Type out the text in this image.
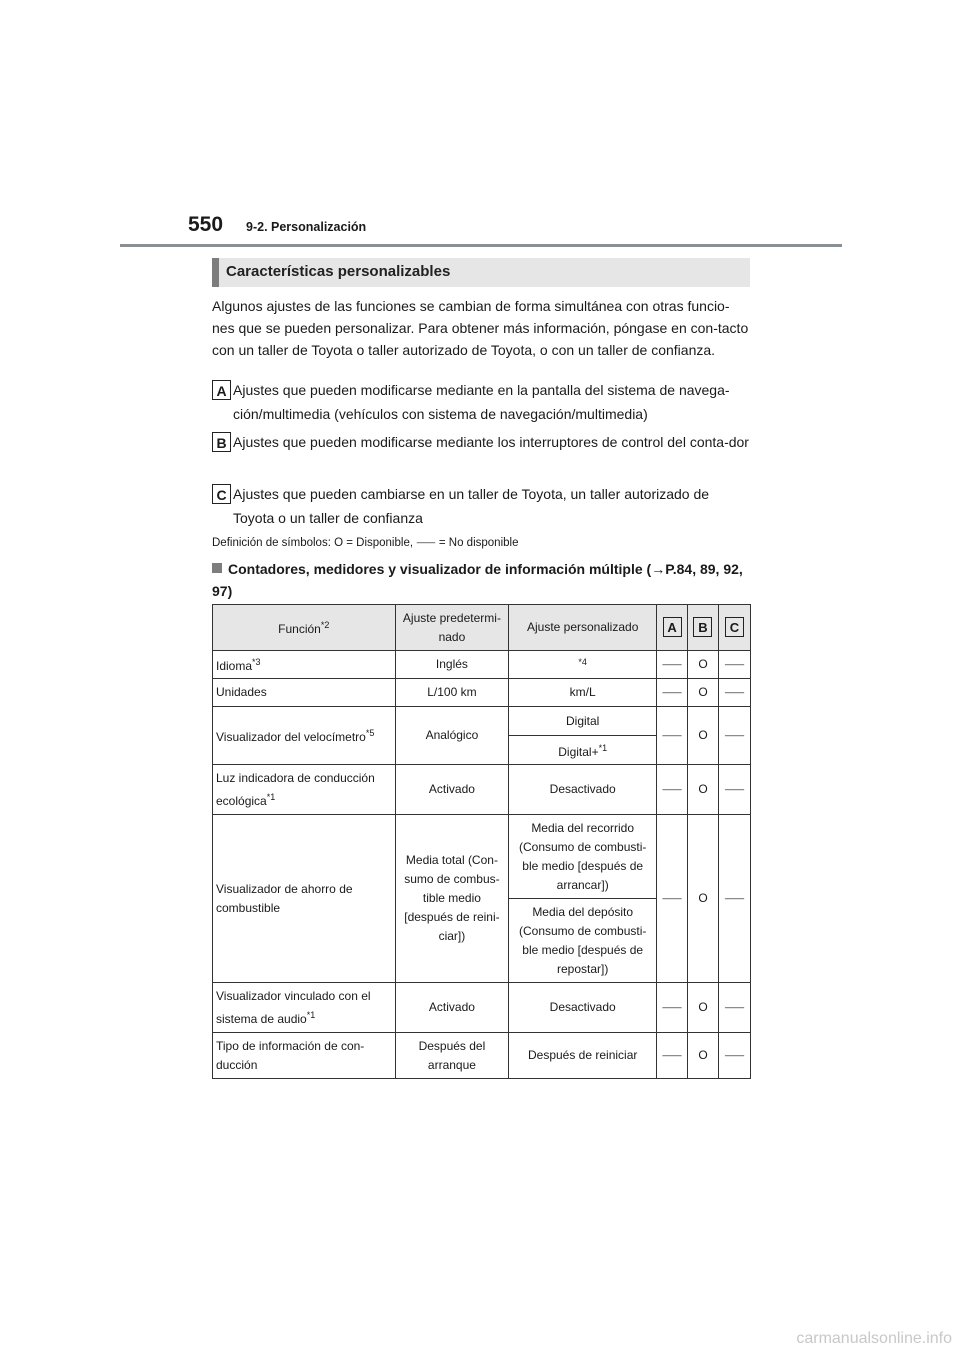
550 9-2. Personalización
Características personalizables
Algunos ajustes de las funciones se cambian de forma simultánea con otras funcio-nes que se pueden personalizar. Para obtener más información, póngase en con-tacto con un taller de Toyota o taller autorizado de Toyota, o con un taller de confianza.
A Ajustes que pueden modificarse mediante en la pantalla del sistema de navega-ción/multimedia (vehículos con sistema de navegación/multimedia)
B Ajustes que pueden modificarse mediante los interruptores de control del conta-dor
C Ajustes que pueden cambiarse en un taller de Toyota, un taller autorizado de Toyota o un taller de confianza
Definición de símbolos: O = Disponible, ⸺ = No disponible
Contadores, medidores y visualizador de información múltiple (→P.84, 89, 92, 97)
Función$^{*2}$	Ajuste predetermi-nado	Ajuste personalizado	A	B	C
Idioma$^{*3}$	Inglés	$^{*4}$	⸺	O	⸺
Unidades	L/100 km	km/L	⸺	O	⸺
Visualizador del velocímetro$^{*5}$	Analógico	Digital	⸺	O	⸺
		Digital+$^{*1}$
Luz indicadora de conducción ecológica$^{*1}$	Activado	Desactivado	⸺	O	⸺
Visualizador de ahorro de combustible	Media total (Con-sumo de combus-tible medio [después de reini-ciar])	Media del recorrido (Consumo de combusti-ble medio [después de arrancar])	⸺	O	⸺
		Media del depósito (Consumo de combusti-ble medio [después de repostar])			
Visualizador vinculado con el sistema de audio$^{*1}$	Activado	Desactivado	⸺	O	⸺
Tipo de información de con-ducción	Después del arranque	Después de reiniciar	⸺	O	⸺
carmanualsonline.info
